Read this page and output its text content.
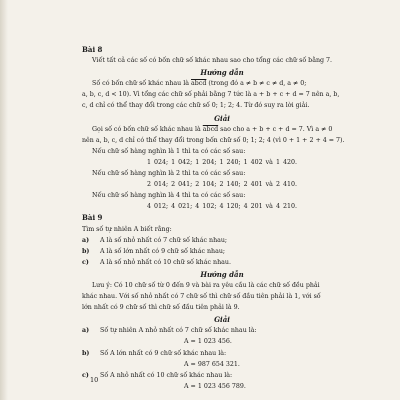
Bài 8

Viết tất cả các số có bốn chữ số khác nhau sao cho tổng các chữ số bằng 7.

Hướng dẫn

Số có bốn chữ số khác nhau là abcd (trong đó a ≠ b ≠ c ≠ d, a ≠ 0;

a, b, c, d < 10). Vì tổng các chữ số phải bằng 7 tức là a + b + c + d = 7 nên a, b,

c, d chỉ có thể thay đổi trong các chữ số 0; 1; 2; 4. Từ đó suy ra lời giải.

Giải

Gọi số có bốn chữ số khác nhau là abcd sao cho a + b + c + d = 7. Vì a ≠ 0

nên a, b, c, d chỉ có thể thay đổi trong bốn chữ số 0; 1; 2; 4 (vì 0 + 1 + 2 + 4 = 7).

Nếu chữ số hàng nghìn là 1 thì ta có các số sau:

1 024; 1 042; 1 204; 1 240; 1 402 và 1 420.

Nếu chữ số hàng nghìn là 2 thì ta có các số sau:

2 014; 2 041; 2 104; 2 140; 2 401 và 2 410.

Nếu chữ số hàng nghìn là 4 thì ta có các số sau:

4 012; 4 021; 4 102; 4 120; 4 201 và 4 210.

Bài 9

Tìm số tự nhiên A biết rằng:

a)	A là số nhỏ nhất có 7 chữ số khác nhau;
b)	A là số lớn nhất có 9 chữ số khác nhau;
c)	A là số nhỏ nhất có 10 chữ số khác nhau.

Hướng dẫn

Lưu ý: Có 10 chữ số từ 0 đến 9 và bài ra yêu cầu là các chữ số đều phải

khác nhau. Với số nhỏ nhất có 7 chữ số thì chữ số đầu tiên phải là 1, với số

lớn nhất có 9 chữ số thì chữ số đầu tiên phải là 9.

Giải

a)	Số tự nhiên A nhỏ nhất có 7 chữ số khác nhau là:

A = 1 023 456.

b)	Số A lớn nhất có 9 chữ số khác nhau là:

A = 987 654 321.

c)	Số A nhỏ nhất có 10 chữ số khác nhau là:

A = 1 023 456 789.

10
